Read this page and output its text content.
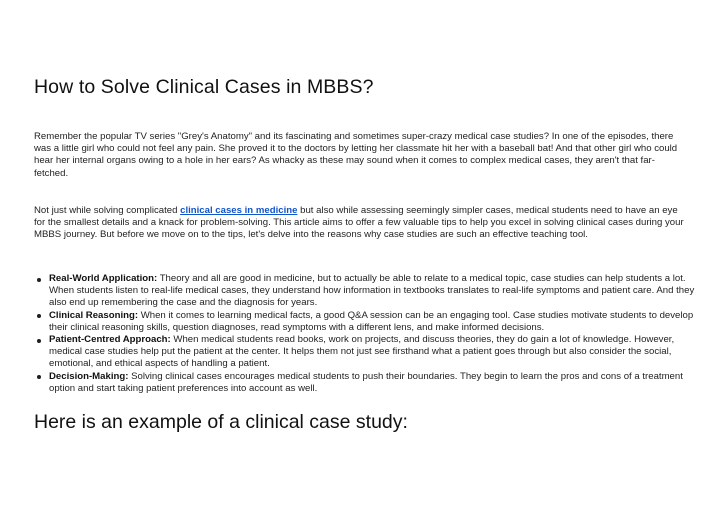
How to Solve Clinical Cases in MBBS?

Remember the popular TV series "Grey's Anatomy" and its fascinating and sometimes super-crazy medical case studies? In one of the episodes, there was a little girl who could not feel any pain. She proved it to the doctors by letting her classmate hit her with a baseball bat! And that other girl who could hear her internal organs owing to a hole in her ears? As whacky as these may sound when it comes to complex medical cases, they aren't that far-fetched.

Not just while solving complicated clinical cases in medicine but also while assessing seemingly simpler cases, medical students need to have an eye for the smallest details and a knack for problem-solving. This article aims to offer a few valuable tips to help you excel in solving clinical cases during your MBBS journey. But before we move on to the tips, let's delve into the reasons why case studies are such an effective teaching tool.

Real-World Application: Theory and all are good in medicine, but to actually be able to relate to a medical topic, case studies can help students a lot. When students listen to real-life medical cases, they understand how information in textbooks translates to real-life symptoms and patient care. And they also end up remembering the case and the diagnosis for years.
Clinical Reasoning: When it comes to learning medical facts, a good Q&A session can be an engaging tool. Case studies motivate students to develop their clinical reasoning skills, question diagnoses, read symptoms with a different lens, and make informed decisions.
Patient-Centred Approach: When medical students read books, work on projects, and discuss theories, they do gain a lot of knowledge. However, medical case studies help put the patient at the center. It helps them not just see firsthand what a patient goes through but also consider the social, emotional, and ethical aspects of handling a patient.
Decision-Making: Solving clinical cases encourages medical students to push their boundaries. They begin to learn the pros and cons of a treatment option and start taking patient preferences into account as well.
Here is an example of a clinical case study:
